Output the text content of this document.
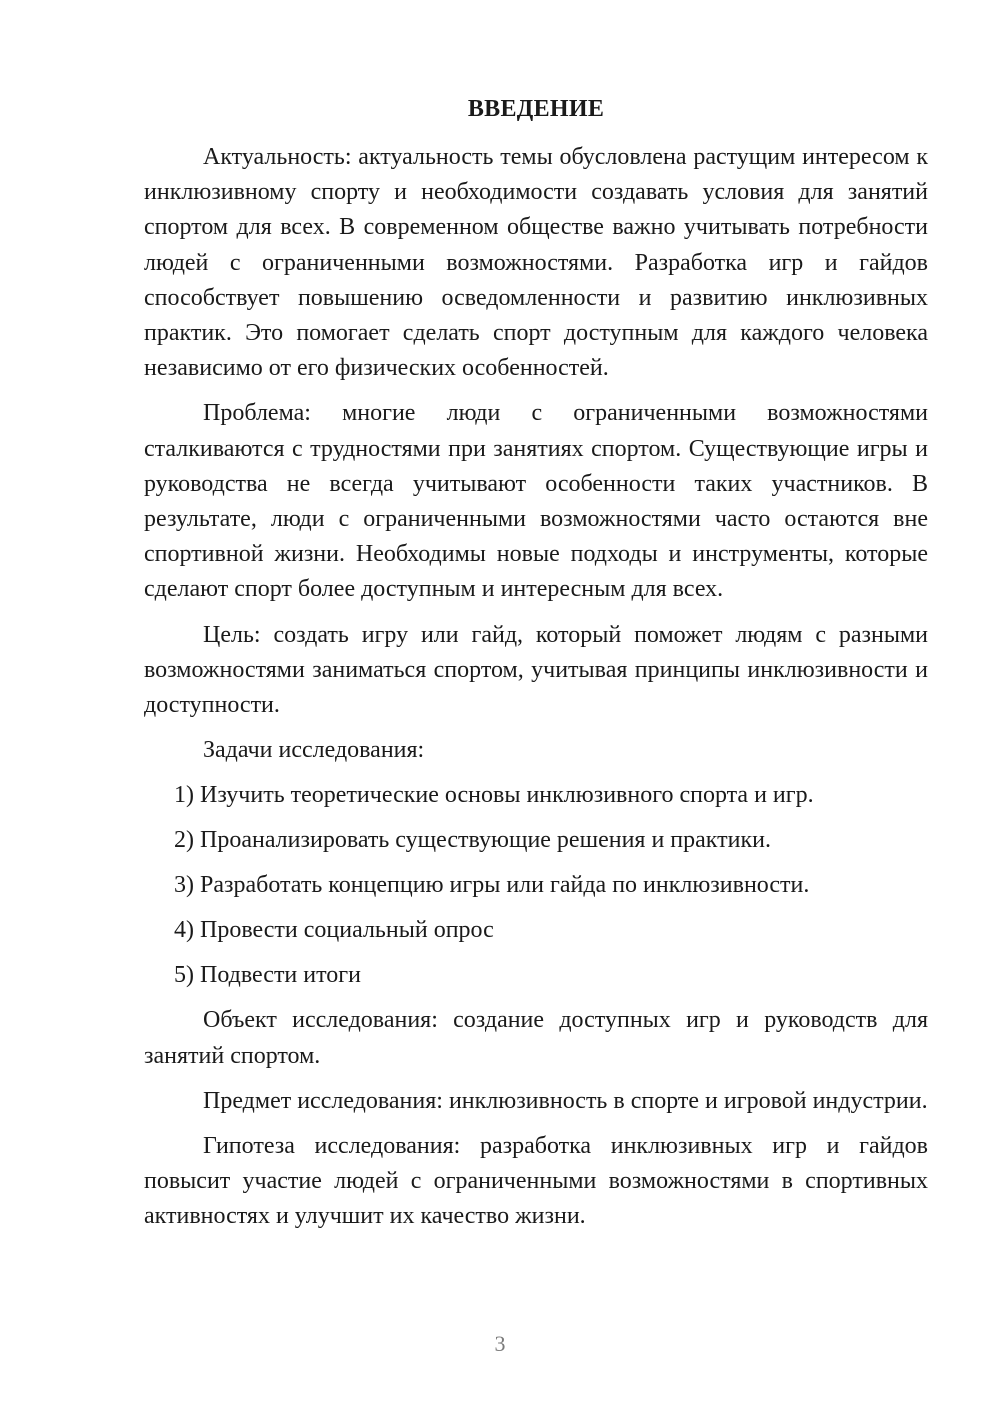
ВВЕДЕНИЕ

Актуальность: актуальность темы обусловлена растущим интересом к инклюзивному спорту и необходимости создавать условия для занятий спортом для всех. В современном обществе важно учитывать потребности людей с ограниченными возможностями. Разработка игр и гайдов способствует повышению осведомленности и развитию инклюзивных практик. Это помогает сделать спорт доступным для каждого человека независимо от его физических особенностей.

Проблема: многие люди с ограниченными возможностями сталкиваются с трудностями при занятиях спортом. Существующие игры и руководства не всегда учитывают особенности таких участников. В результате, люди с ограниченными возможностями часто остаются вне спортивной жизни. Необходимы новые подходы и инструменты, которые сделают спорт более доступным и интересным для всех.

Цель: создать игру или гайд, который поможет людям с разными возможностями заниматься спортом, учитывая принципы инклюзивности и доступности.

Задачи исследования:

1) Изучить теоретические основы инклюзивного спорта и игр.
2) Проанализировать существующие решения и практики.
3) Разработать концепцию игры или гайда по инклюзивности.
4) Провести социальный опрос
5) Подвести итоги

Объект исследования: создание доступных игр и руководств для занятий спортом.

Предмет исследования: инклюзивность в спорте и игровой индустрии.

Гипотеза исследования: разработка инклюзивных игр и гайдов повысит участие людей с ограниченными возможностями в спортивных активностях и улучшит их качество жизни.

3
